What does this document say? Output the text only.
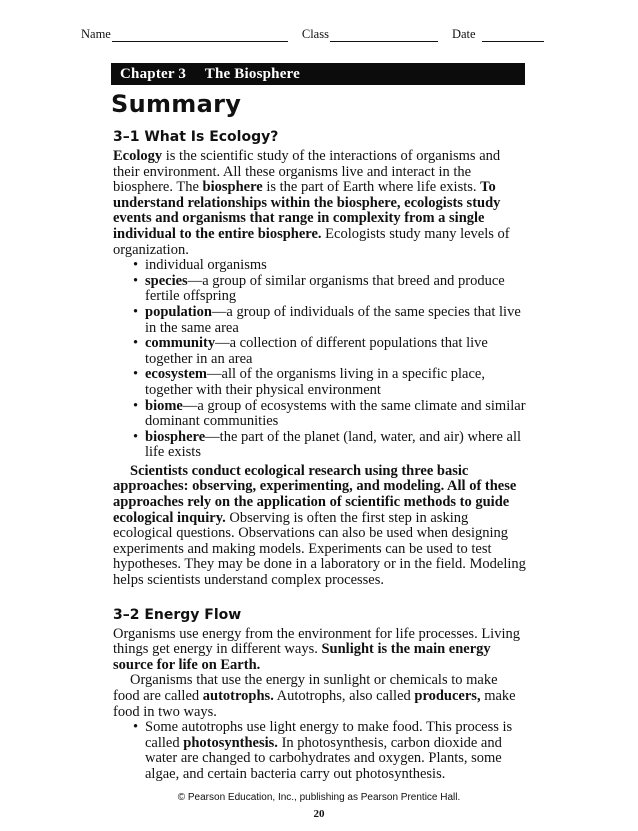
Name	Class	Date
Chapter 3 The Biosphere
Summary
3–1 What Is Ecology?

Ecology is the scientific study of the interactions of organisms and their environment. All these organisms live and interact in the biosphere. The biosphere is the part of Earth where life exists. To understand relationships within the biosphere, ecologists study events and organisms that range in complexity from a single individual to the entire biosphere. Ecologists study many levels of organization.

• individual organisms
• species—a group of similar organisms that breed and produce fertile offspring
• population—a group of individuals of the same species that live in the same area
• community—a collection of different populations that live together in an area
• ecosystem—all of the organisms living in a specific place, together with their physical environment
• biome—a group of ecosystems with the same climate and similar dominant communities
• biosphere—the part of the planet (land, water, and air) where all life exists

Scientists conduct ecological research using three basic approaches: observing, experimenting, and modeling. All of these approaches rely on the application of scientific methods to guide ecological inquiry. Observing is often the first step in asking ecological questions. Observations can also be used when designing experiments and making models. Experiments can be used to test hypotheses. They may be done in a laboratory or in the field. Modeling helps scientists understand complex processes.

3–2 Energy Flow

Organisms use energy from the environment for life processes. Living things get energy in different ways. Sunlight is the main energy source for life on Earth.

Organisms that use the energy in sunlight or chemicals to make food are called autotrophs. Autotrophs, also called producers, make food in two ways.

• Some autotrophs use light energy to make food. This process is called photosynthesis. In photosynthesis, carbon dioxide and water are changed to carbohydrates and oxygen. Plants, some algae, and certain bacteria carry out photosynthesis.
© Pearson Education, Inc., publishing as Pearson Prentice Hall.
20
